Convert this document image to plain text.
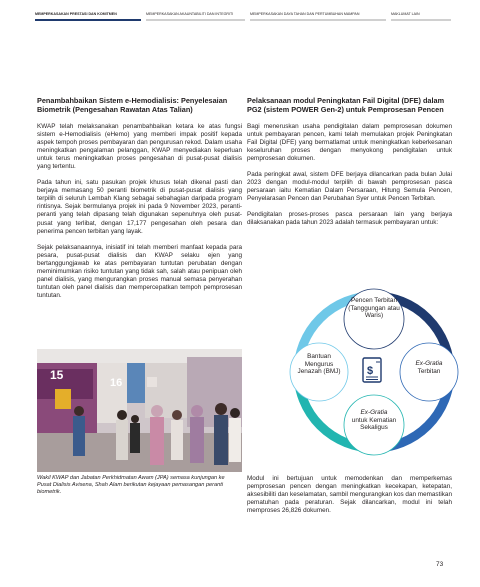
MEMPERKASAKAN PRESTASI DAN KOMITMEN	MEMPERKASAKAN AKAUNTABILITI DAN INTEGRITI	MEMPERKASAKAN DAYA TAHAN DAN PERTUMBUHAN MAMPAN	MAKLUMAT LAIN
Penambahbaikan Sistem e-Hemodialisis: Penyelesaian Biometrik (Pengesahan Rawatan Atas Talian)

KWAP telah melaksanakan penambahbaikan ketara ke atas fungsi sistem e-Hemodialisis (eHemo) yang memberi impak positif kepada aspek tempoh proses pembayaran dan pengurusan rekod. Dalam usaha meningkatkan pengalaman pelanggan, KWAP menyediakan keperluan untuk terus meningkatkan proses pengesahan di pusat-pusat dialisis yang tertentu.

Pada tahun ini, satu pasukan projek khusus telah dikenal pasti dan berjaya memasang 50 peranti biometrik di pusat-pusat dialisis yang terpilih di seluruh Lembah Klang sebagai sebahagian daripada program rintisnya. Sejak bermulanya projek ini pada 9 November 2023, peranti-peranti yang telah dipasang telah digunakan sepenuhnya oleh pusat-pusat yang terlibat, dengan 17,177 pengesahan oleh pesara dan penerima pencen terbitan yang layak.

Sejak pelaksanaannya, inisiatif ini telah memberi manfaat kepada para pesara, pusat-pusat dialisis dan KWAP selaku ejen yang bertanggungjawab ke atas pembayaran tuntutan perubatan dengan meminimumkan risiko tuntutan yang tidak sah, salah atau penipuan oleh panel dialisis, yang mengurangkan proses manual semasa penyerahan tuntutan oleh panel dialisis dan mempercepatkan tempoh pemprosesan tuntutan.

15
16
Wakil KWAP dan Jabatan Perkhidmatan Awam (JPA) semasa kunjungan ke Pusat Dialisis Avisena, Shah Alam berikutan kejayaan pemasangan peranti biometrik.
Pelaksanaan modul Peningkatan Fail Digital (DFE) dalam PG2 (sistem POWER Gen-2) untuk Pemprosesan Pencen

Bagi meneruskan usaha pendigitalan dalam pemprosesan dokumen untuk pembayaran pencen, kami telah memulakan projek Peningkatan Fail Digital (DFE) yang bermatlamat untuk meningkatkan keberkesanan keseluruhan proses dengan menyokong pendigitalan untuk pemprosesan dokumen.

Pada peringkat awal, sistem DFE berjaya dilancarkan pada bulan Julai 2023 dengan modul-modul terpilih di bawah pemprosesan pasca persaraan iaitu Kematian Dalam Persaraan, Hitung Semula Pencen, Penyelarasan Pencen dan Perubahan Syer untuk Pencen Terbitan.

Pendigitalan proses-proses pasca persaraan lain yang berjaya dilaksanakan pada tahun 2023 adalah termasuk pembayaran untuk:

$
Pencen Terbitan (Tanggungan atau Waris)
Bantuan Mengurus Jenazah (BMJ)
Ex-Gratia
Terbitan
Ex-Gratia
untuk Kematian Sekaligus

Modul ini bertujuan untuk memodenkan dan memperkemas pemprosesan pencen dengan meningkatkan kecekapan, ketepatan, aksesibiliti dan keselamatan, sambil mengurangkan kos dan memastikan pematuhan pada peraturan. Sejak dilancarkan, modul ini telah memproses 26,826 dokumen.

73
